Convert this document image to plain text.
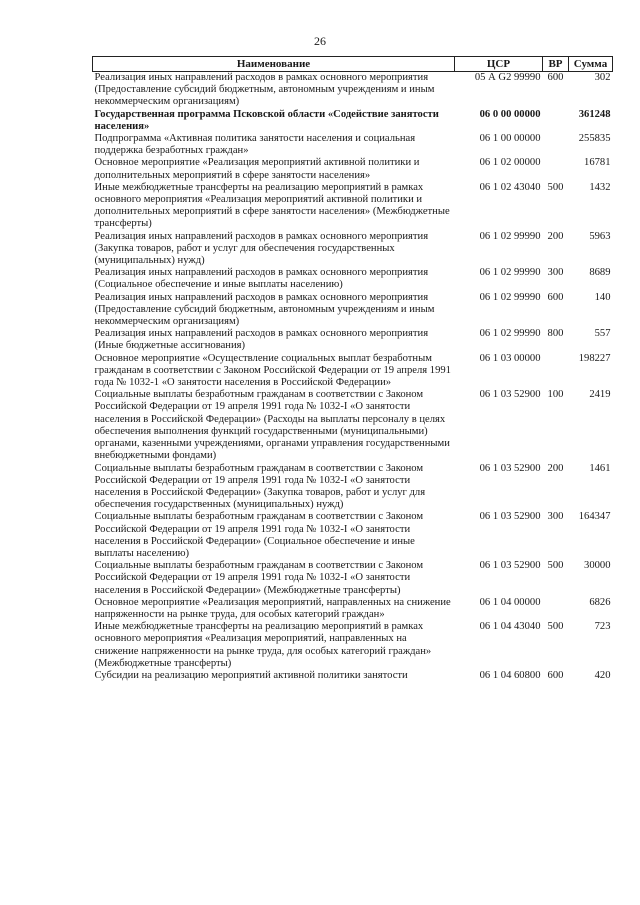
26
Наименование	ЦСР	ВР	Сумма
Реализация иных направлений расходов в рамках основного мероприятия (Предоставление субсидий бюджетным, автономным учреждениям и иным некоммерческим организациям)	05 А G2 99990	600	302
Государственная программа Псковской области «Содействие занятости населения»	06 0 00 00000		361248
Подпрограмма «Активная политика занятости населения и социальная поддержка безработных граждан»	06 1 00 00000		255835
Основное мероприятие «Реализация мероприятий активной политики и дополнительных мероприятий в сфере занятости населения»	06 1 02 00000		16781
Иные межбюджетные трансферты на реализацию мероприятий в рамках основного мероприятия «Реализация мероприятий активной политики и дополнительных мероприятий в сфере занятости населения» (Межбюджетные трансферты)	06 1 02 43040	500	1432
Реализация иных направлений расходов в рамках основного мероприятия (Закупка товаров, работ и услуг для обеспечения государственных (муниципальных) нужд)	06 1 02 99990	200	5963
Реализация иных направлений расходов в рамках основного мероприятия (Социальное обеспечение и иные выплаты населению)	06 1 02 99990	300	8689
Реализация иных направлений расходов в рамках основного мероприятия (Предоставление субсидий бюджетным, автономным учреждениям и иным некоммерческим организациям)	06 1 02 99990	600	140
Реализация иных направлений расходов в рамках основного мероприятия (Иные бюджетные ассигнования)	06 1 02 99990	800	557
Основное мероприятие «Осуществление социальных выплат безработным гражданам в соответствии с Законом Российской Федерации от 19 апреля 1991 года № 1032-1 «О занятости населения в Российской Федерации»	06 1 03 00000		198227
Социальные выплаты безработным гражданам в соответствии с Законом Российской Федерации от 19 апреля 1991 года № 1032-I «О занятости населения в Российской Федерации» (Расходы на выплаты персоналу в целях обеспечения выполнения функций государственными (муниципальными) органами, казенными учреждениями, органами управления государственными внебюджетными фондами)	06 1 03 52900	100	2419
Социальные выплаты безработным гражданам в соответствии с Законом Российской Федерации от 19 апреля 1991 года № 1032-I «О занятости населения в Российской Федерации» (Закупка товаров, работ и услуг для обеспечения государственных (муниципальных) нужд)	06 1 03 52900	200	1461
Социальные выплаты безработным гражданам в соответствии с Законом Российской Федерации от 19 апреля 1991 года № 1032-I «О занятости населения в Российской Федерации» (Социальное обеспечение и иные выплаты населению)	06 1 03 52900	300	164347
Социальные выплаты безработным гражданам в соответствии с Законом Российской Федерации от 19 апреля 1991 года № 1032-I «О занятости населения в Российской Федерации» (Межбюджетные трансферты)	06 1 03 52900	500	30000
Основное мероприятие «Реализация мероприятий, направленных на снижение напряженности на рынке труда, для особых категорий граждан»	06 1 04 00000		6826
Иные межбюджетные трансферты на реализацию мероприятий в рамках основного мероприятия «Реализация мероприятий, направленных на снижение напряженности на рынке труда, для особых категорий граждан» (Межбюджетные трансферты)	06 1 04 43040	500	723
Субсидии на реализацию мероприятий активной политики занятости	06 1 04 60800	600	420
